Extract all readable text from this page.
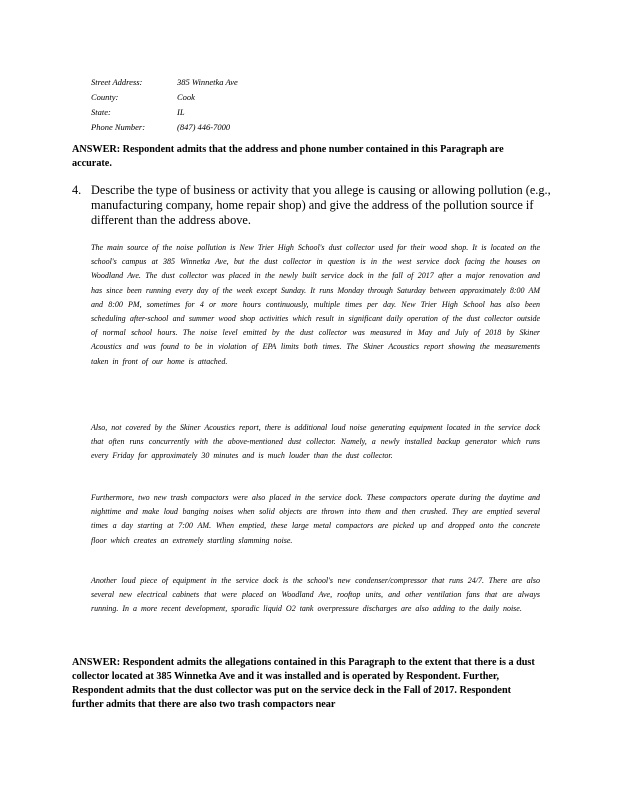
Street Address:	385 Winnetka Ave
County:	Cook
State:	IL
Phone Number:	(847) 446-7000
ANSWER: Respondent admits that the address and phone number contained in this Paragraph are accurate.
4. Describe the type of business or activity that you allege is causing or allowing pollution (e.g., manufacturing company, home repair shop) and give the address of the pollution source if different than the address above.
The main source of the noise pollution is New Trier High School's dust collector used for their wood shop. It is located on the school's campus at 385 Winnetka Ave, but the dust collector in question is in the west service dock facing the houses on Woodland Ave. The dust collector was placed in the newly built service dock in the fall of 2017 after a major renovation and has since been running every day of the week except Sunday. It runs Monday through Saturday between approximately 8:00 AM and 8:00 PM, sometimes for 4 or more hours continuously, multiple times per day. New Trier High School has also been scheduling after-school and summer wood shop activities which result in significant daily operation of the dust collector outside of normal school hours. The noise level emitted by the dust collector was measured in May and July of 2018 by Skiner Acoustics and was found to be in violation of EPA limits both times. The Skiner Acoustics report showing the measurements taken in front of our home is attached.
Also, not covered by the Skiner Acoustics report, there is additional loud noise generating equipment located in the service dock that often runs concurrently with the above-mentioned dust collector. Namely, a newly installed backup generator which runs every Friday for approximately 30 minutes and is much louder than the dust collector.
Furthermore, two new trash compactors were also placed in the service dock. These compactors operate during the daytime and nighttime and make loud banging noises when solid objects are thrown into them and then crushed. They are emptied several times a day starting at 7:00 AM. When emptied, these large metal compactors are picked up and dropped onto the concrete floor which creates an extremely startling slamming noise.
Another loud piece of equipment in the service dock is the school's new condenser/compressor that runs 24/7. There are also several new electrical cabinets that were placed on Woodland Ave, rooftop units, and other ventilation fans that are always running. In a more recent development, sporadic liquid O2 tank overpressure discharges are also adding to the daily noise.
ANSWER: Respondent admits the allegations contained in this Paragraph to the extent that there is a dust collector located at 385 Winnetka Ave and it was installed and is operated by Respondent. Further, Respondent admits that the dust collector was put on the service deck in the Fall of 2017. Respondent further admits that there are also two trash compactors near
